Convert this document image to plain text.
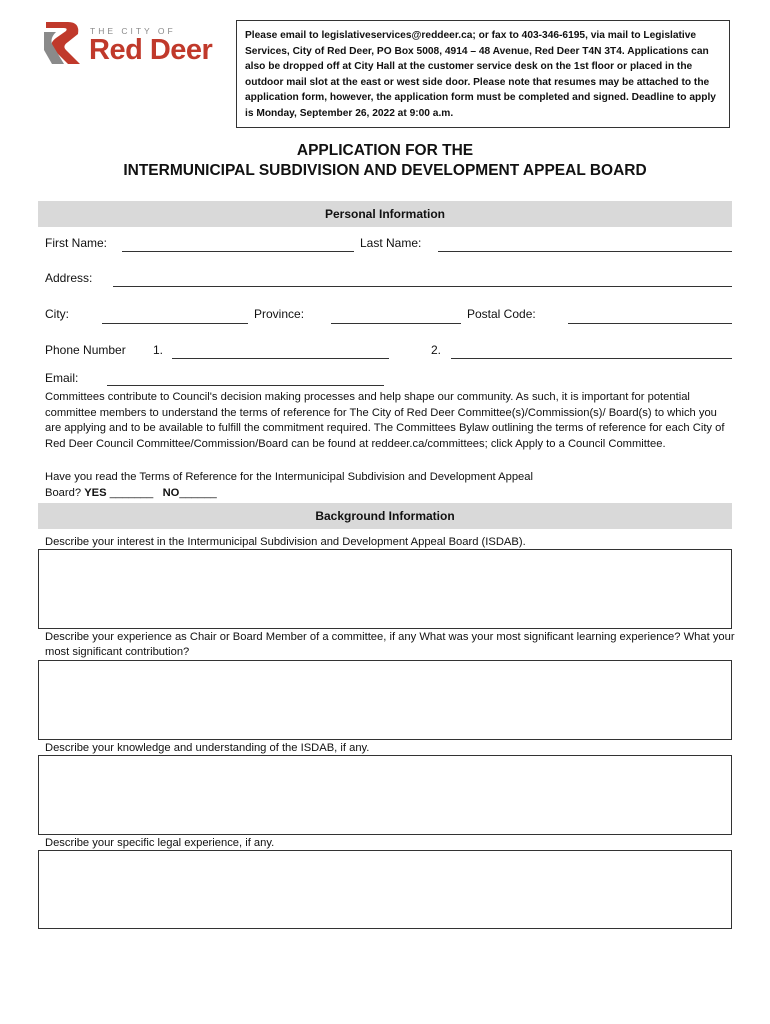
THE CITY OF
Red Deer	Please email to legislativeservices@reddeer.ca; or fax to 403-346-6195, via mail to Legislative Services, City of Red Deer, PO Box 5008, 4914 – 48 Avenue, Red Deer T4N 3T4. Applications can also be dropped off at City Hall at the customer service desk on the 1st floor or placed in the outdoor mail slot at the east or west side door. Please note that resumes may be attached to the application form, however, the application form must be completed and signed. Deadline to apply is Monday, September 26, 2022 at 9:00 a.m.
APPLICATION FOR THE
INTERMUNICIPAL SUBDIVISION AND DEVELOPMENT APPEAL BOARD
Personal Information
First Name:	Last Name:
Address:
City:	Province:	Postal Code:
Phone Number 1.	2.
Email:
Committees contribute to Council's decision making processes and help shape our community. As such, it is important for potential committee members to understand the terms of reference for The City of Red Deer Committee(s)/Commission(s)/ Board(s) to which you are applying and to be available to fulfill the commitment required. The Committees Bylaw outlining the terms of reference for each City of Red Deer Council Committee/Commission/Board can be found at reddeer.ca/committees; click Apply to a Council Committee.
Have you read the Terms of Reference for the Intermunicipal Subdivision and Development Appeal
Board? YES _______ NO______
Background Information
Describe your interest in the Intermunicipal Subdivision and Development Appeal Board (ISDAB).
Describe your experience as Chair or Board Member of a committee, if any What was your most significant learning experience? What your most significant contribution?
Describe your knowledge and understanding of the ISDAB, if any.
Describe your specific legal experience, if any.
